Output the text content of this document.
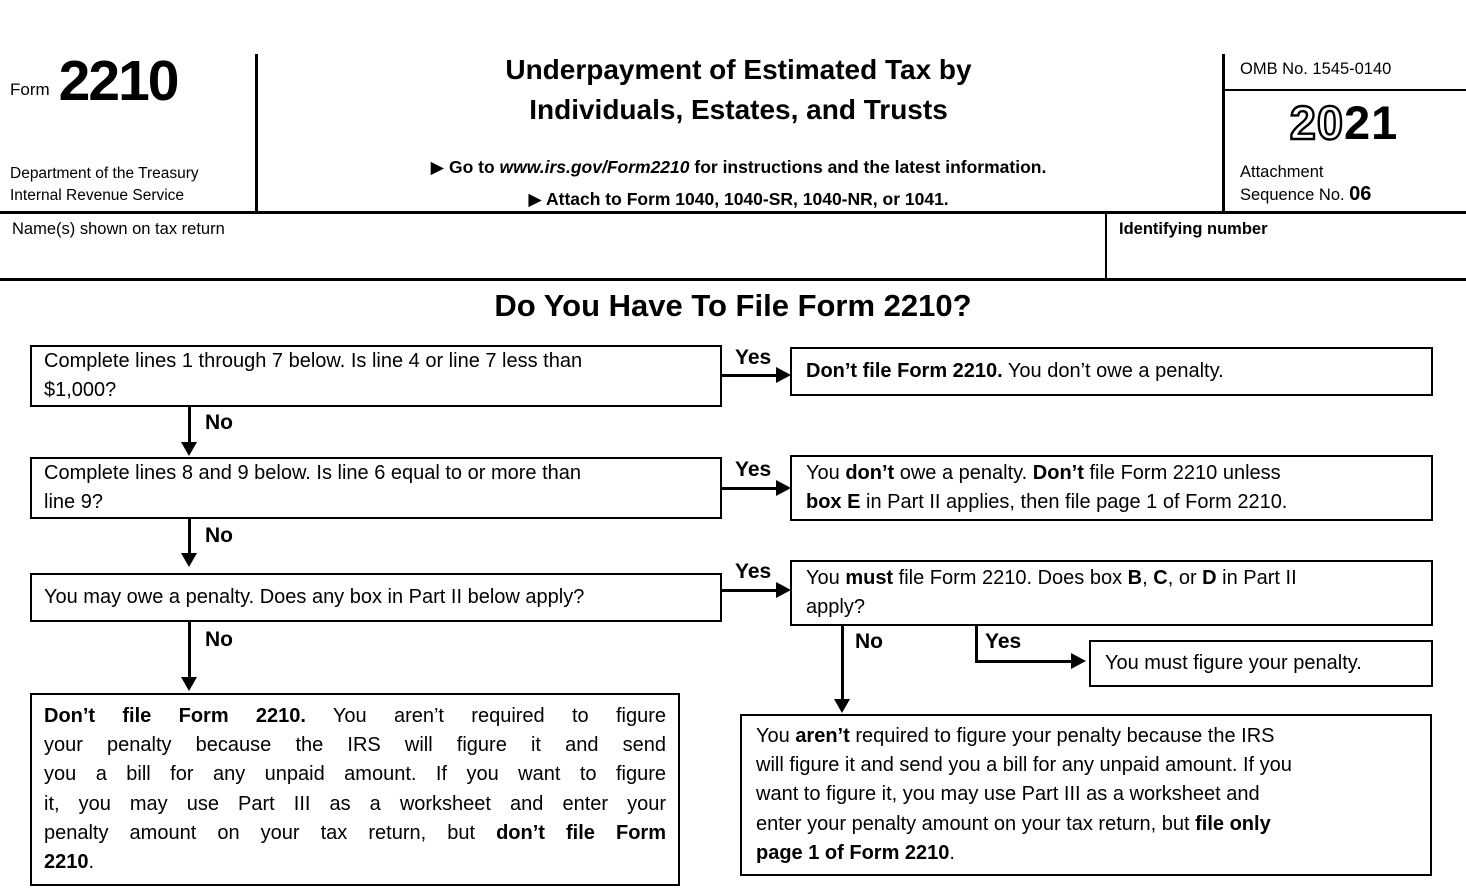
Form 2210
Department of the Treasury
Internal Revenue Service
Underpayment of Estimated Tax by
Individuals, Estates, and Trusts
▶ Go to www.irs.gov/Form2210 for instructions and the latest information.
▶ Attach to Form 1040, 1040-SR, 1040-NR, or 1041.
OMB No. 1545-0140
2021
Attachment
Sequence No. 06
Name(s) shown on tax return	Identifying number
Do You Have To File Form 2210?
Complete lines 1 through 7 below. Is line 4 or line 7 less than
$1,000?
Yes
Don’t file Form 2210. You don’t owe a penalty.
No
Complete lines 8 and 9 below. Is line 6 equal to or more than
line 9?
Yes You don’t owe a penalty. Don’t file Form 2210 unless
box E in Part II applies, then file page 1 of Form 2210.
No
You may owe a penalty. Does any box in Part II below apply?
Yes You must file Form 2210. Does box B, C, or D in Part II
apply?
No	No	Yes
You must figure your penalty.
Don’t file Form 2210. You aren’t required to figure
your penalty because the IRS will figure it and send
you a bill for any unpaid amount. If you want to figure
it, you may use Part III as a worksheet and enter your
penalty amount on your tax return, but don’t file Form
2210.
You aren’t required to figure your penalty because the IRS
will figure it and send you a bill for any unpaid amount. If you
want to figure it, you may use Part III as a worksheet and
enter your penalty amount on your tax return, but file only
page 1 of Form 2210.
